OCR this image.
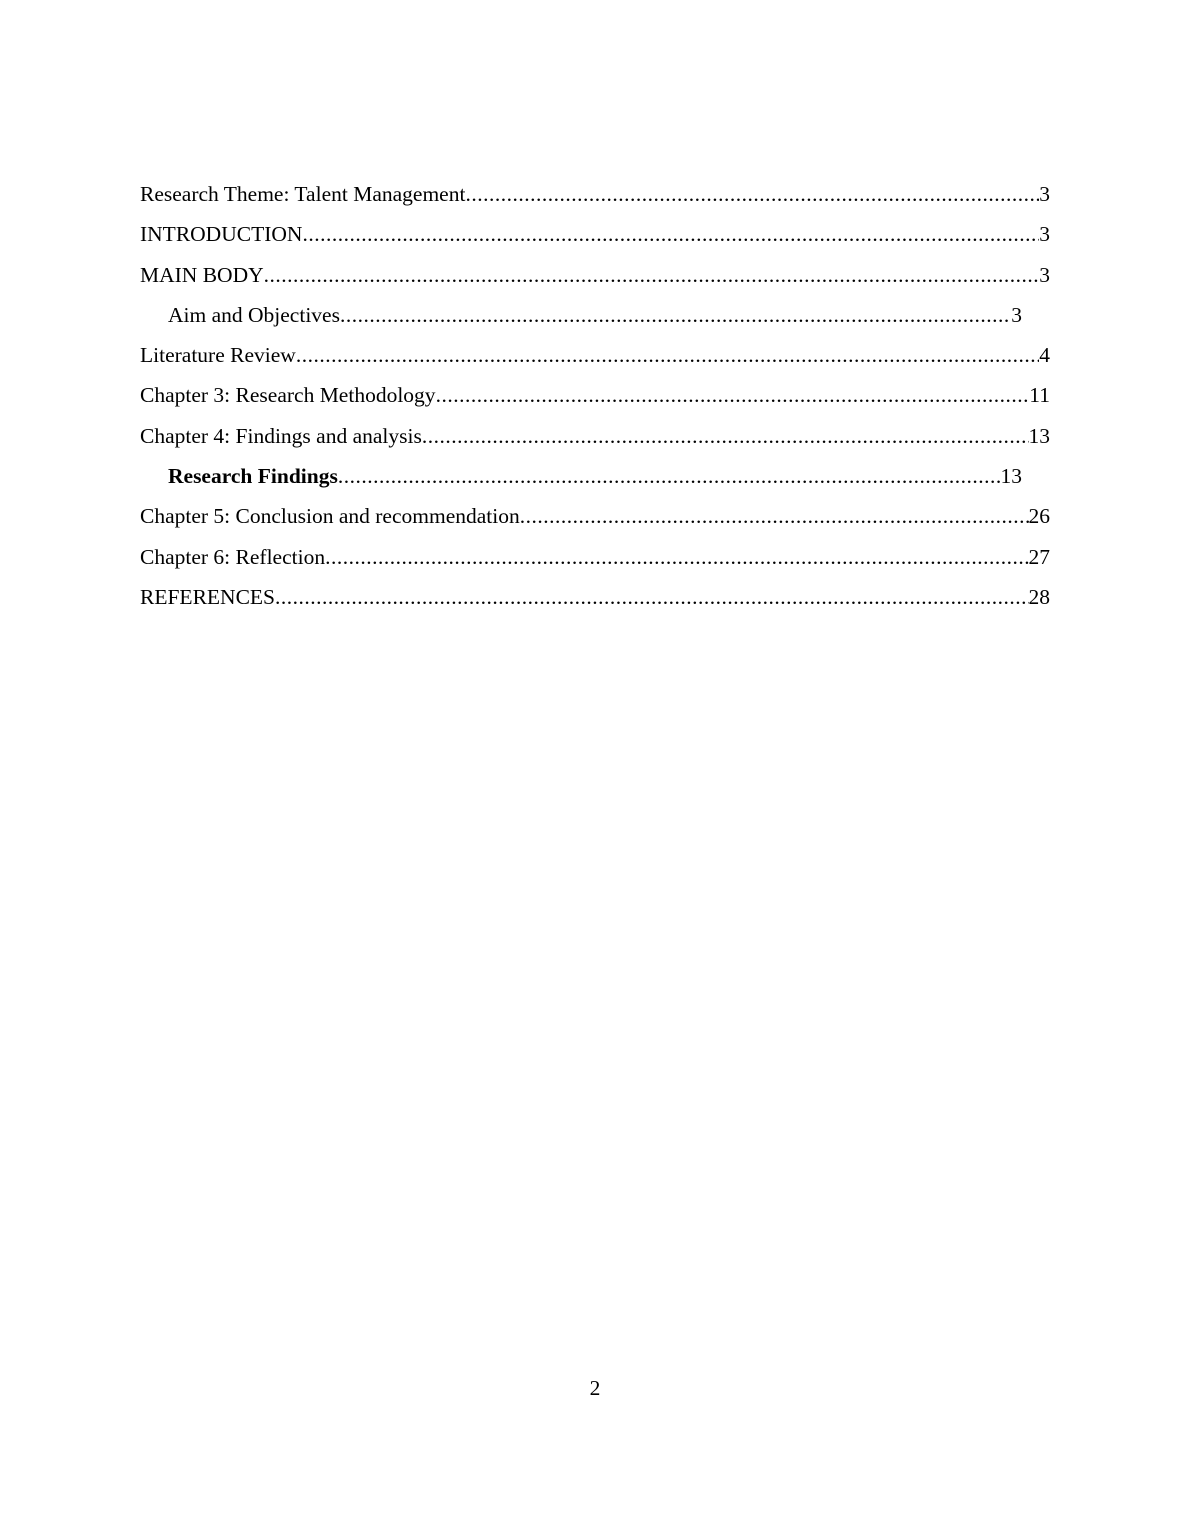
Research Theme: Talent Management .....	3
INTRODUCTION .....	3
MAIN BODY .....	3
Aim and Objectives .....	3
Literature Review .....	4
Chapter 3: Research Methodology .....	11
Chapter 4: Findings and analysis .....	13
Research Findings .....	13
Chapter 5: Conclusion and recommendation .....	26
Chapter 6: Reflection .....	27
REFERENCES .....	28
2
